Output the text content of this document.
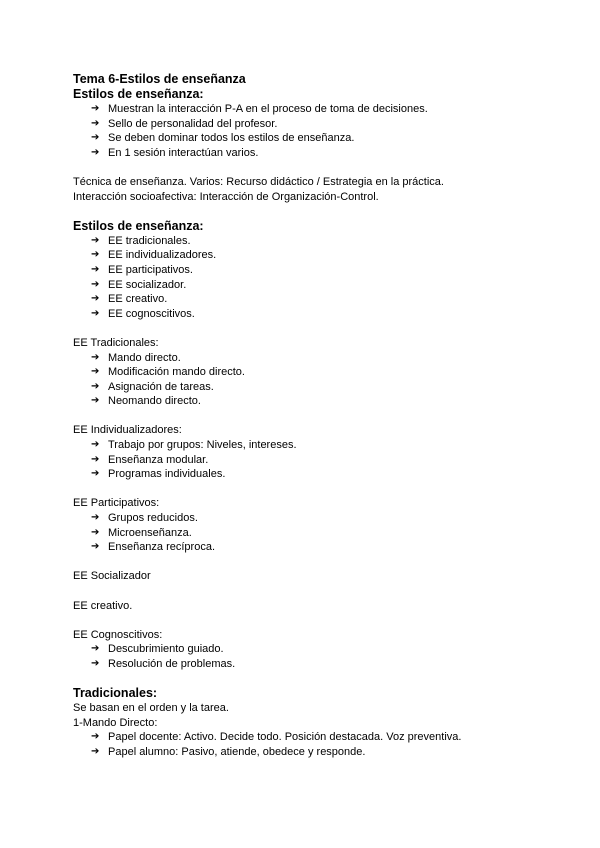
Tema 6-Estilos de enseñanza
Estilos de enseñanza:
➔ Muestran la interacción P-A en el proceso de toma de decisiones.
➔ Sello de personalidad del profesor.
➔ Se deben dominar todos los estilos de enseñanza.
➔ En 1 sesión interactúan varios.
Técnica de enseñanza. Varios: Recurso didáctico / Estrategia en la práctica.
Interacción socioafectiva: Interacción de Organización-Control.
Estilos de enseñanza:
➔ EE tradicionales.
➔ EE individualizadores.
➔ EE participativos.
➔ EE socializador.
➔ EE creativo.
➔ EE cognoscitivos.
EE Tradicionales:
➔ Mando directo.
➔ Modificación mando directo.
➔ Asignación de tareas.
➔ Neomando directo.
EE Individualizadores:
➔ Trabajo por grupos: Niveles, intereses.
➔ Enseñanza modular.
➔ Programas individuales.
EE Participativos:
➔ Grupos reducidos.
➔ Microenseñanza.
➔ Enseñanza recíproca.
EE Socializador
EE creativo.
EE Cognoscitivos:
➔ Descubrimiento guiado.
➔ Resolución de problemas.
Tradicionales:
Se basan en el orden y la tarea.
1-Mando Directo:
➔ Papel docente: Activo. Decide todo. Posición destacada. Voz preventiva.
➔ Papel alumno: Pasivo, atiende, obedece y responde.
